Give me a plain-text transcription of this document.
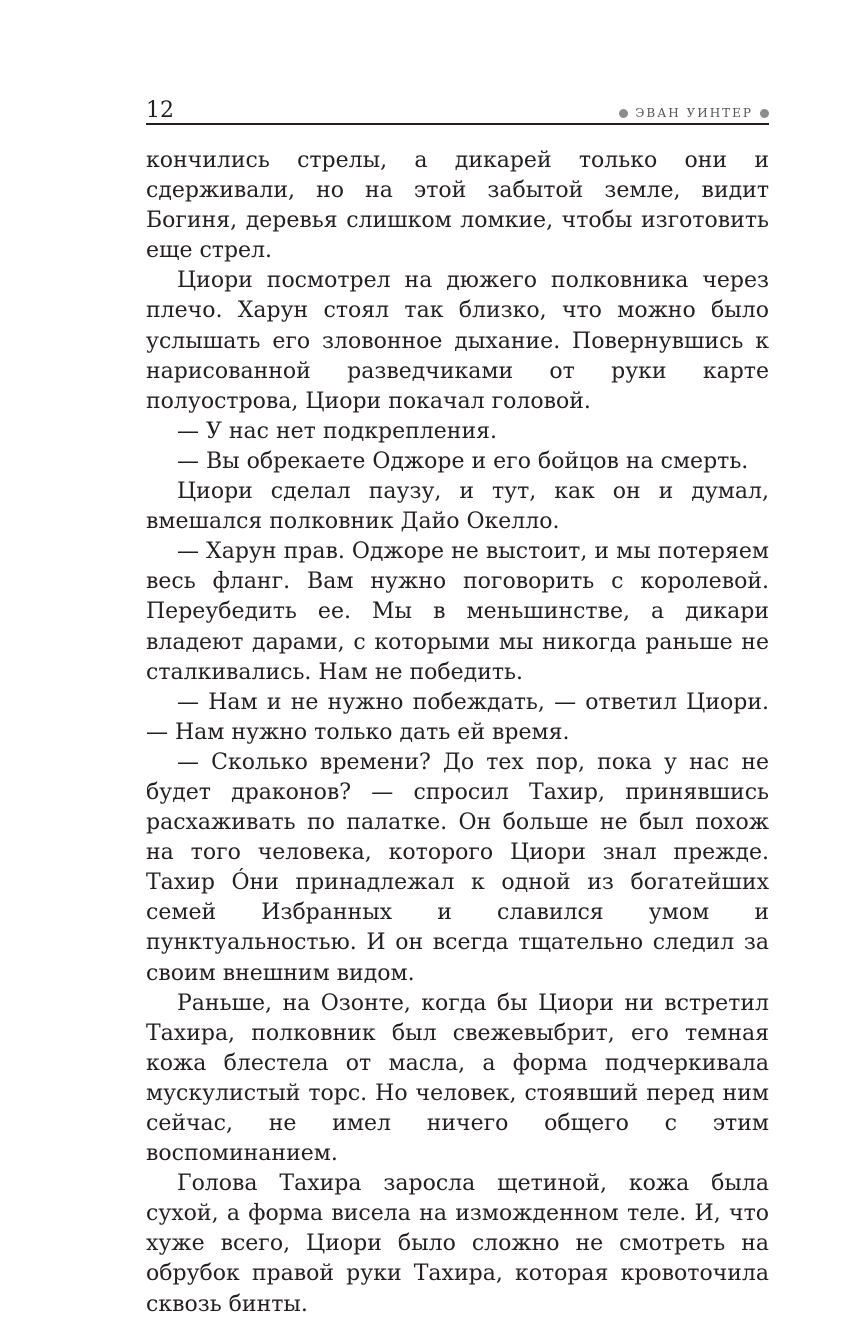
12	ЭВАН УИНТЕР

кончились стрелы, а дикарей только они и сдерживали, но на этой забытой земле, видит Богиня, деревья слишком ломкие, чтобы изготовить еще стрел.

Циори посмотрел на дюжего полковника через плечо. Харун стоял так близко, что можно было услышать его зловонное дыхание. Повернувшись к нарисованной разведчиками от руки карте полуострова, Циори покачал головой.

— У нас нет подкрепления.

— Вы обрекаете Оджоре и его бойцов на смерть.

Циори сделал паузу, и тут, как он и думал, вмешался полковник Дайо Окелло.

— Харун прав. Оджоре не выстоит, и мы потеряем весь фланг. Вам нужно поговорить с королевой. Переубедить ее. Мы в меньшинстве, а дикари владеют дарами, с которыми мы никогда раньше не сталкивались. Нам не победить.

— Нам и не нужно побеждать, — ответил Циори. — Нам нужно только дать ей время.

— Сколько времени? До тех пор, пока у нас не будет драконов? — спросил Тахир, принявшись расхаживать по палатке. Он больше не был похож на того человека, которого Циори знал прежде. Тахир Óни принадлежал к одной из богатейших семей Избранных и славился умом и пунктуальностью. И он всегда тщательно следил за своим внешним видом.

Раньше, на Озонте, когда бы Циори ни встретил Тахира, полковник был свежевыбрит, его темная кожа блестела от масла, а форма подчеркивала мускулистый торс. Но человек, стоявший перед ним сейчас, не имел ничего общего с этим воспоминанием.

Голова Тахира заросла щетиной, кожа была сухой, а форма висела на изможденном теле. И, что хуже всего, Циори было сложно не смотреть на обрубок правой руки Тахира, которая кровоточила сквозь бинты.
